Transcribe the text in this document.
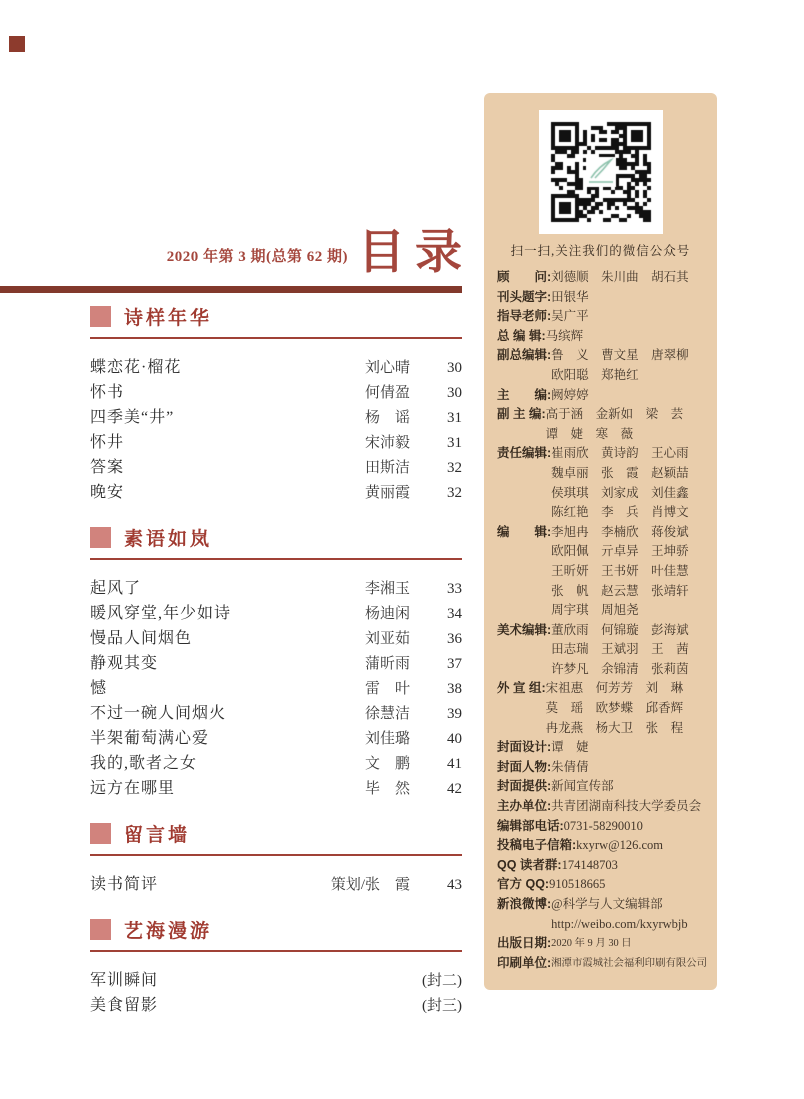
2020 年第 3 期(总第 62 期) 目录
诗样年华
蝶恋花·榴花	刘心晴	30
怀书	何倩盈	30
四季美“井”	杨　谣	31
怀井	宋沛毅	31
答案	田斯洁	32
晚安	黄丽霞	32
素语如岚
起风了	李湘玉	33
暖风穿堂,年少如诗	杨迪闲	34
慢品人间烟色	刘亚茹	36
静观其变	蒲昕雨	37
憾	雷　叶	38
不过一碗人间烟火	徐慧洁	39
半架葡萄满心爱	刘佳璐	40
我的,歌者之女	文　鹏	41
远方在哪里	毕　然	42
留言墙
读书简评	策划/张　霞	43
艺海漫游
军训瞬间	(封二)
美食留影	(封三)
扫一扫,关注我们的微信公众号
顾　　问: 刘德顺　朱川曲　胡石其
刊头题字: 田银华
指导老师: 吴广平
总 编 辑: 马缤辉
副总编辑: 鲁　义　曹文星　唐翠柳
欧阳聪　郑艳红
主　　编: 阙婷婷
副 主 编: 高于涵　金新如　梁　芸
谭　婕　寒　薇
责任编辑: 崔雨欣　黄诗韵　王心雨
魏卓丽　张　霞　赵颖喆
侯琪琪　刘家成　刘佳鑫
陈红艳　李　兵　肖博文
编　　辑: 李旭冉　李楠欣　蒋俊斌
欧阳佩　亓卓异　王坤骄
王昕妍　王书妍　叶佳慧
张　帆　赵云慧　张靖轩
周宇琪　周旭尧
美术编辑: 董欣雨　何锦璇　彭海斌
田志瑞　王斌羽　王　茜
许梦凡　余锦清　张莉茵
外 宣 组: 宋祖惠　何芳芳　刘　琳
莫　瑶　欧梦蝶　邱香辉
冉龙燕　杨大卫　张　程
封面设计: 谭　婕
封面人物: 朱倩倩
封面提供: 新闻宣传部
主办单位: 共青团湖南科技大学委员会
编辑部电话: 0731-58290010
投稿电子信箱: kxyrw@126.com
QQ 读者群: 174148703
官方 QQ: 910518665
新浪微博: @科学与人文编辑部
http://weibo.com/kxyrwbjb
出版日期: 2020 年 9 月 30 日
印刷单位: 湘潭市霞城社会福利印刷有限公司
